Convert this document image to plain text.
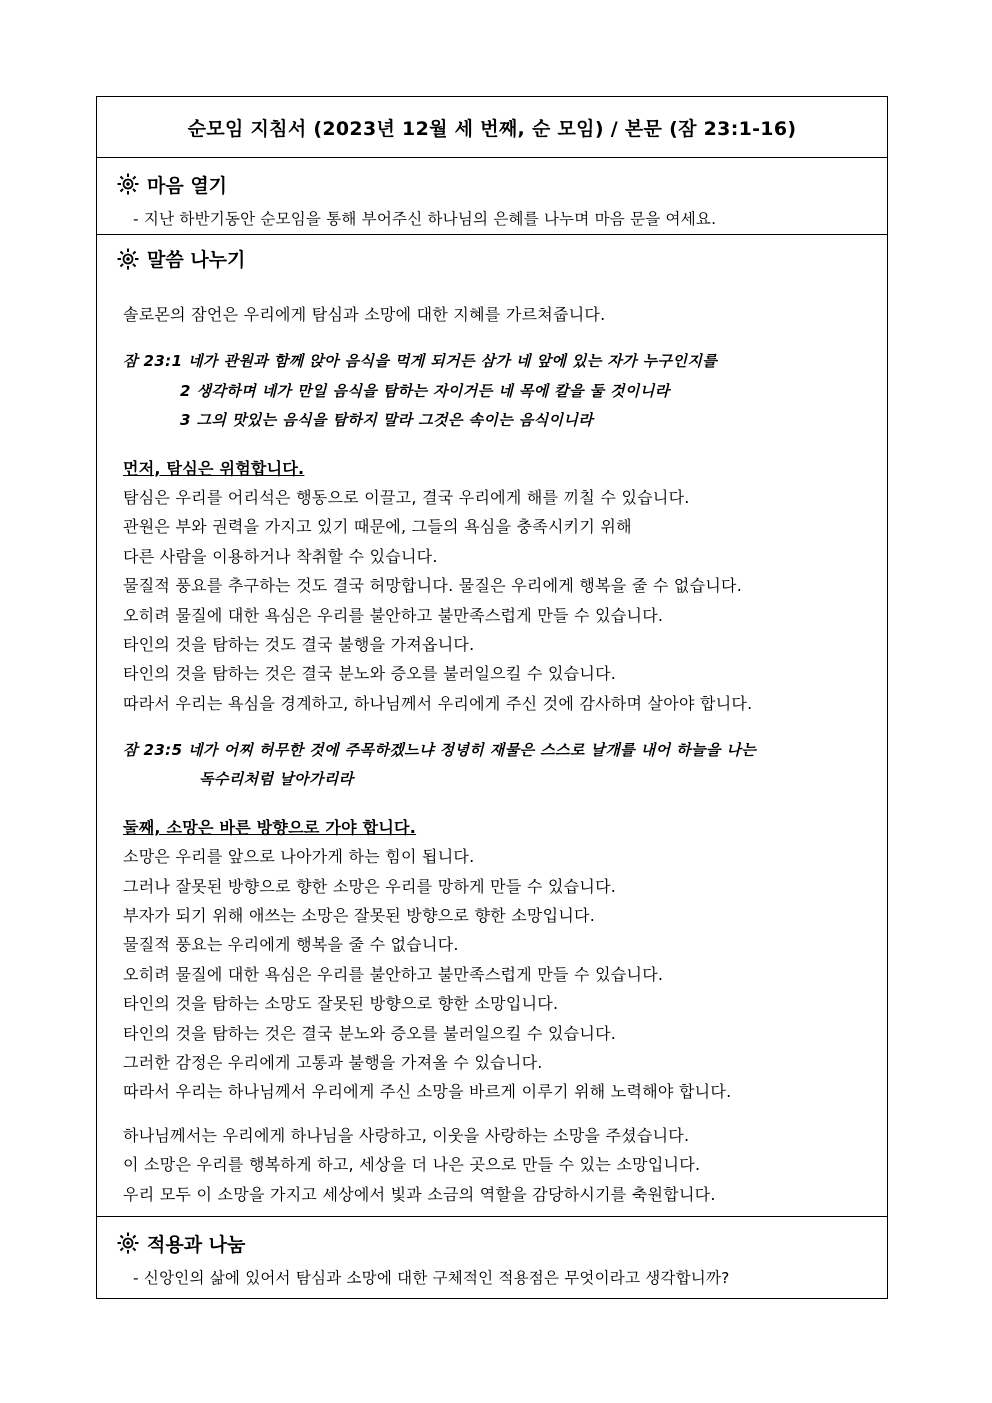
순모임 지침서 (2023년 12월 세 번째, 순 모임) / 본문 (잠 23:1-16)
마음 열기
- 지난 하반기동안 순모임을 통해 부어주신 하나님의 은혜를 나누며 마음 문을 여세요.
말씀 나누기
솔로몬의 잠언은 우리에게 탐심과 소망에 대한 지혜를 가르쳐줍니다.
잠 23:1 네가 관원과 함께 앉아 음식을 먹게 되거든 삼가 네 앞에 있는 자가 누구인지를
2 생각하며 네가 만일 음식을 탐하는 자이거든 네 목에 칼을 둘 것이니라
3 그의 맛있는 음식을 탐하지 말라 그것은 속이는 음식이니라
먼저, 탐심은 위험합니다.
탐심은 우리를 어리석은 행동으로 이끌고, 결국 우리에게 해를 끼칠 수 있습니다.
관원은 부와 권력을 가지고 있기 때문에, 그들의 욕심을 충족시키기 위해
다른 사람을 이용하거나 착취할 수 있습니다.
물질적 풍요를 추구하는 것도 결국 허망합니다. 물질은 우리에게 행복을 줄 수 없습니다.
오히려 물질에 대한 욕심은 우리를 불안하고 불만족스럽게 만들 수 있습니다.
타인의 것을 탐하는 것도 결국 불행을 가져옵니다.
타인의 것을 탐하는 것은 결국 분노와 증오를 불러일으킬 수 있습니다.
따라서 우리는 욕심을 경계하고, 하나님께서 우리에게 주신 것에 감사하며 살아야 합니다.
잠 23:5 네가 어찌 허무한 것에 주목하겠느냐 정녕히 재물은 스스로 날개를 내어 하늘을 나는
독수리처럼 날아가리라
둘째, 소망은 바른 방향으로 가야 합니다.
소망은 우리를 앞으로 나아가게 하는 힘이 됩니다.
그러나 잘못된 방향으로 향한 소망은 우리를 망하게 만들 수 있습니다.
부자가 되기 위해 애쓰는 소망은 잘못된 방향으로 향한 소망입니다.
물질적 풍요는 우리에게 행복을 줄 수 없습니다.
오히려 물질에 대한 욕심은 우리를 불안하고 불만족스럽게 만들 수 있습니다.
타인의 것을 탐하는 소망도 잘못된 방향으로 향한 소망입니다.
타인의 것을 탐하는 것은 결국 분노와 증오를 불러일으킬 수 있습니다.
그러한 감정은 우리에게 고통과 불행을 가져올 수 있습니다.
따라서 우리는 하나님께서 우리에게 주신 소망을 바르게 이루기 위해 노력해야 합니다.
하나님께서는 우리에게 하나님을 사랑하고, 이웃을 사랑하는 소망을 주셨습니다.
이 소망은 우리를 행복하게 하고, 세상을 더 나은 곳으로 만들 수 있는 소망입니다.
우리 모두 이 소망을 가지고 세상에서 빛과 소금의 역할을 감당하시기를 축원합니다.
적용과 나눔
- 신앙인의 삶에 있어서 탐심과 소망에 대한 구체적인 적용점은 무엇이라고 생각합니까?
